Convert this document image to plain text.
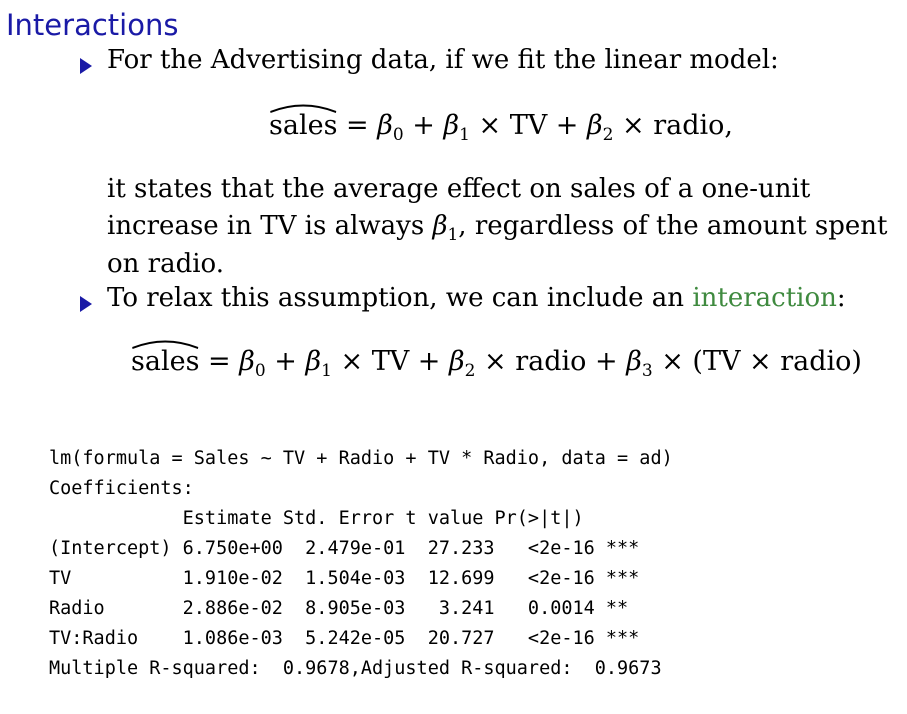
Interactions
For the Advertising data, if we fit the linear model:
sales = $\beta_0 + \beta_1$ × TV + $\beta_2$ × radio,
it states that the average effect on sales of a one-unit
increase in TV is always $\beta_1$, regardless of the amount spent
on radio.
To relax this assumption, we can include an interaction:
sales = $\beta_0 + \beta_1$ × TV + $\beta_2$ × radio + $\beta_3 \times (TV$ × radio)

lm(formula = Sales ~ TV + Radio + TV * Radio, data = ad)
Coefficients:
Estimate Std. Error t value Pr(>|t|)
(Intercept) 6.750e+00  2.479e-01  27.233   <2e-16 ***
TV          1.910e-02  1.504e-03  12.699   <2e-16 ***
Radio       2.886e-02  8.905e-03   3.241   0.0014 **
TV:Radio    1.086e-03  5.242e-05  20.727   <2e-16 ***
Multiple R-squared:  0.9678,Adjusted R-squared:  0.9673
